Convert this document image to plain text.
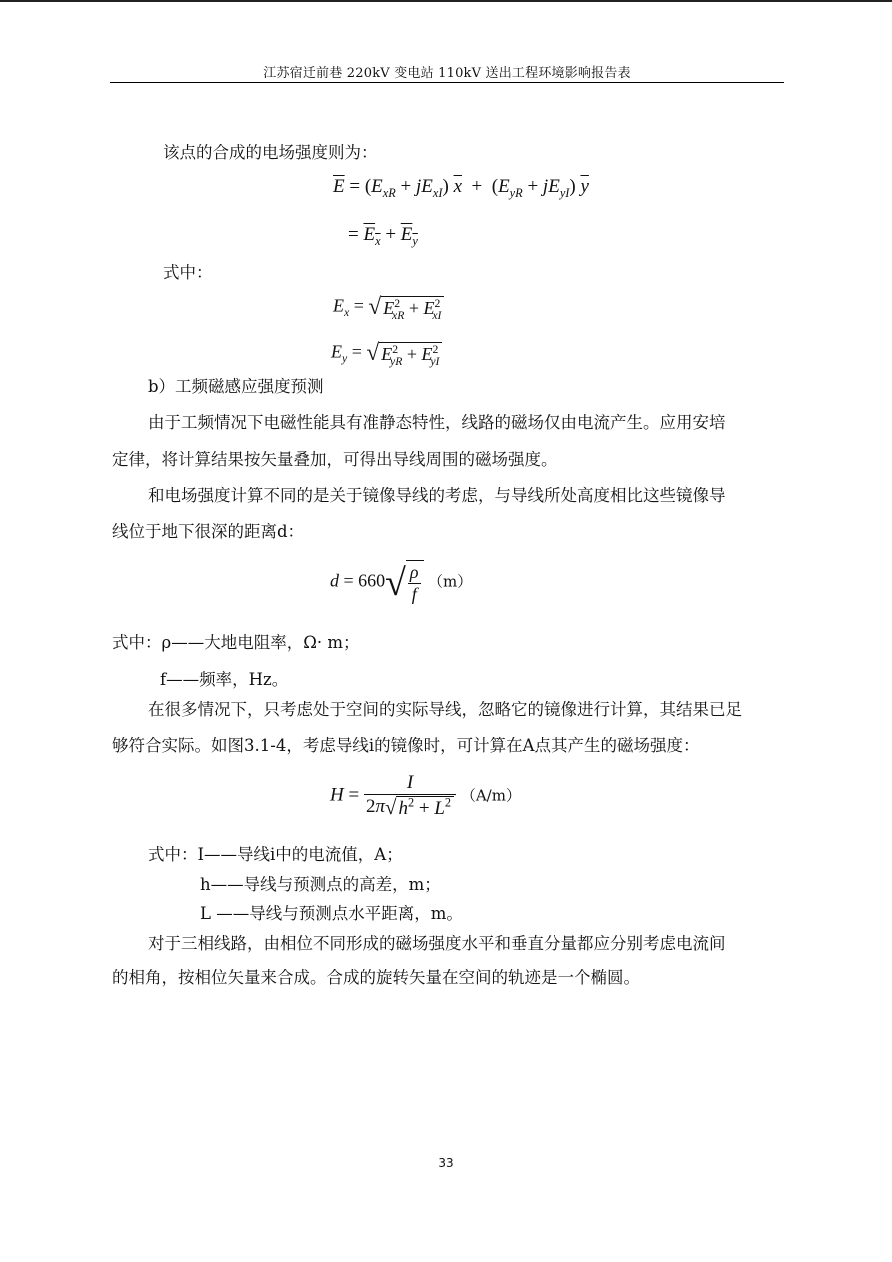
江苏宿迁前巷 220kV 变电站 110kV 送出工程环境影响报告表
该点的合成的电场强度则为：
$\overline{E} = (E_{xR} + jE_{xI}) \overline{x} + (E_{yR} + jE_{yI})$ $\overline{y}$
= $E_x + E_y$
式中：
$E_x$ = √ $E^2_{xR} + E^2_{xI}$
$E_y$ = √ $E^2_{yR} + E^2_{yI}$
b）工频磁感应强度预测
由于工频情况下电磁性能具有准静态特性，线路的磁场仅由电流产生。应用安培
定律，将计算结果按矢量叠加，可得出导线周围的磁场强度。
和电场强度计算不同的是关于镜像导线的考虑，与导线所处高度相比这些镜像导
线位于地下很深的距离d：
$d = 660√ \frac{\rho}{f} (m)$
式中：ρ——大地电阻率，Ω· m；
f——频率，Hz。
在很多情况下，只考虑处于空间的实际导线，忽略它的镜像进行计算，其结果已足
够符合实际。如图3.1-4，考虑导线i的镜像时，可计算在A点其产生的磁场强度：
$H = \frac{I}{2\pi√ h^2 + L^2} (A/m)$
式中：I——导线i中的电流值，A；
h——导线与预测点的高差，m；
L ——导线与预测点水平距离，m。
对于三相线路，由相位不同形成的磁场强度水平和垂直分量都应分别考虑电流间
的相角，按相位矢量来合成。合成的旋转矢量在空间的轨迹是一个椭圆。
33
